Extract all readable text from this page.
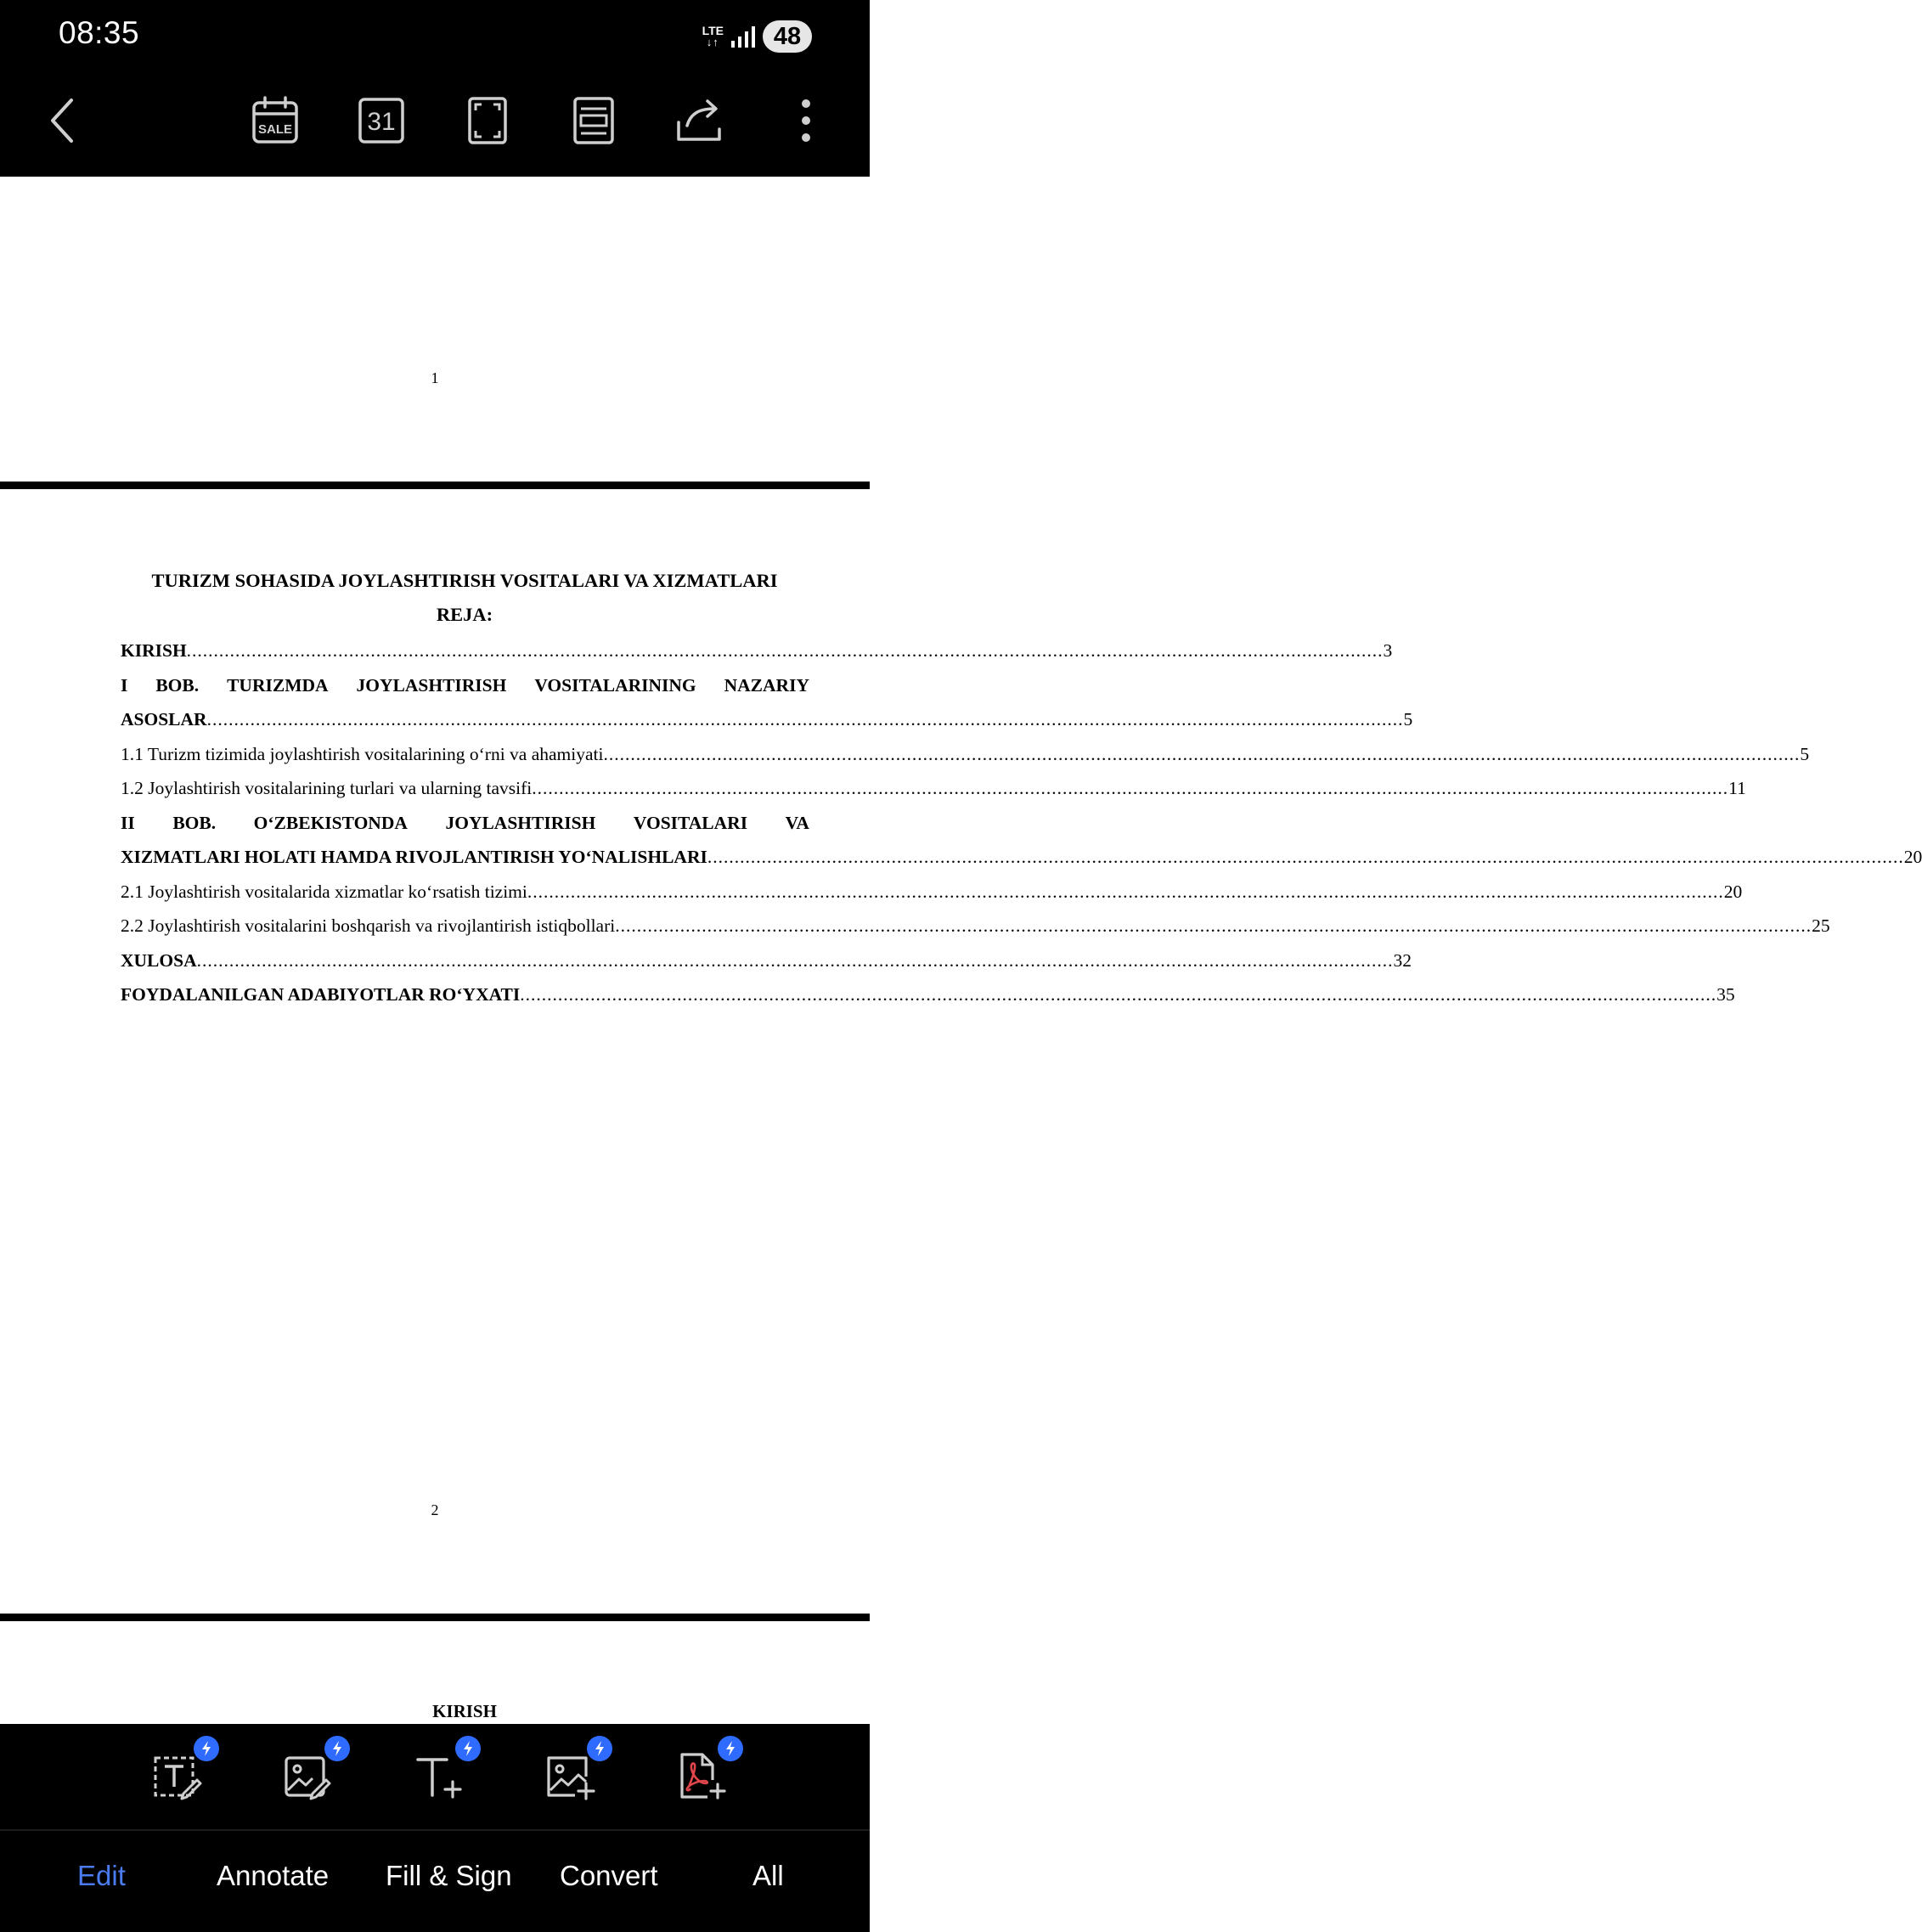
08:35	LTE
↓↑	48
SALE	31
1
TURIZM SOHASIDA JOYLASHTIRISH VOSITALARI VA XIZMATLARI
REJA:
KIRISH ............................................................................................................................................................................................................................. 3
I BOB. TURIZMDA JOYLASHTIRISH VOSITALARINING NAZARIY
ASOSLAR ............................................................................................................................................................................................................................. 5
1.1 Turizm tizimida joylashtirish vositalarining o‘rni va ahamiyati ............................................................................................................................................................................................................................. 5
1.2 Joylashtirish vositalarining turlari va ularning tavsifi ............................................................................................................................................................................................................................. 11
II BOB. O‘ZBEKISTONDA JOYLASHTIRISH VOSITALARI VA
XIZMATLARI HOLATI HAMDA RIVOJLANTIRISH YO‘NALISHLARI ............................................................................................................................................................................................................................. 20
2.1 Joylashtirish vositalarida xizmatlar ko‘rsatish tizimi ............................................................................................................................................................................................................................. 20
2.2 Joylashtirish vositalarini boshqarish va rivojlantirish istiqbollari ............................................................................................................................................................................................................................. 25
XULOSA ............................................................................................................................................................................................................................. 32
FOYDALANILGAN ADABIYOTLAR RO‘YXATI ............................................................................................................................................................................................................................. 35
2
KIRISH
Edit	Annotate Fill & Sign Convert	All
